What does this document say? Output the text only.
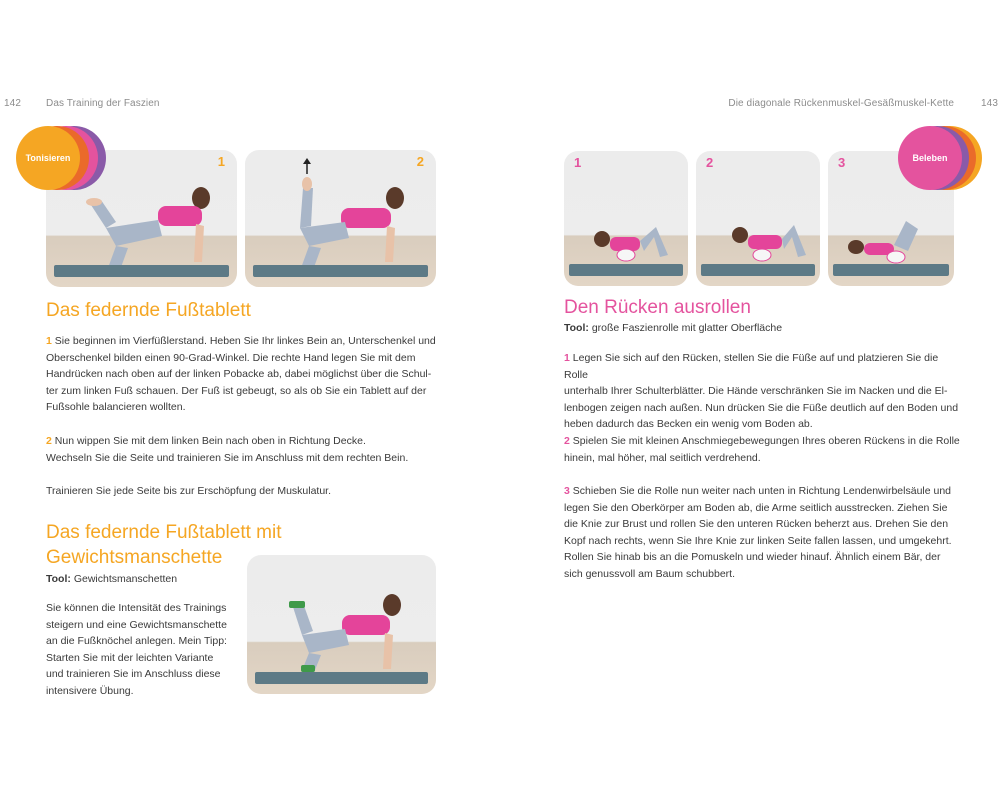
142	Das Training der Faszien
1	2
Tonisieren
Das federnde Fußtablett
1 Sie beginnen im Vierfüßlerstand. Heben Sie Ihr linkes Bein an, Unterschenkel und
Oberschenkel bilden einen 90-Grad-Winkel. Die rechte Hand legen Sie mit dem
Handrücken nach oben auf der linken Pobacke ab, dabei möglichst über die Schul-
ter zum linken Fuß schauen. Der Fuß ist gebeugt, so als ob Sie ein Tablett auf der
Fußsohle balancieren wollten.
2 Nun wippen Sie mit dem linken Bein nach oben in Richtung Decke.
Wechseln Sie die Seite und trainieren Sie im Anschluss mit dem rechten Bein.
Trainieren Sie jede Seite bis zur Erschöpfung der Muskulatur.
Das federnde Fußtablett mit
Gewichtsmanschette
Tool: Gewichtsmanschetten
Sie können die Intensität des Trainings
steigern und eine Gewichtsmanschette
an die Fußknöchel anlegen. Mein Tipp:
Starten Sie mit der leichten Variante
und trainieren Sie im Anschluss diese
intensivere Übung.
Die diagonale Rückenmuskel-Gesäßmuskel-Kette	143
1	2	3	Beleben
Den Rücken ausrollen
Tool: große Faszienrolle mit glatter Oberfläche
1 Legen Sie sich auf den Rücken, stellen Sie die Füße auf und platzieren Sie die Rolle
unterhalb Ihrer Schulterblätter. Die Hände verschränken Sie im Nacken und die El-
lenbogen zeigen nach außen. Nun drücken Sie die Füße deutlich auf den Boden und
heben dadurch das Becken ein wenig vom Boden ab.
2 Spielen Sie mit kleinen Anschmiegebewegungen Ihres oberen Rückens in die Rolle
hinein, mal höher, mal seitlich verdrehend.
3 Schieben Sie die Rolle nun weiter nach unten in Richtung Lendenwirbelsäule und
legen Sie den Oberkörper am Boden ab, die Arme seitlich ausstrecken. Ziehen Sie
die Knie zur Brust und rollen Sie den unteren Rücken beherzt aus. Drehen Sie den
Kopf nach rechts, wenn Sie Ihre Knie zur linken Seite fallen lassen, und umgekehrt.
Rollen Sie hinab bis an die Pomuskeln und wieder hinauf. Ähnlich einem Bär, der
sich genussvoll am Baum schubbert.
